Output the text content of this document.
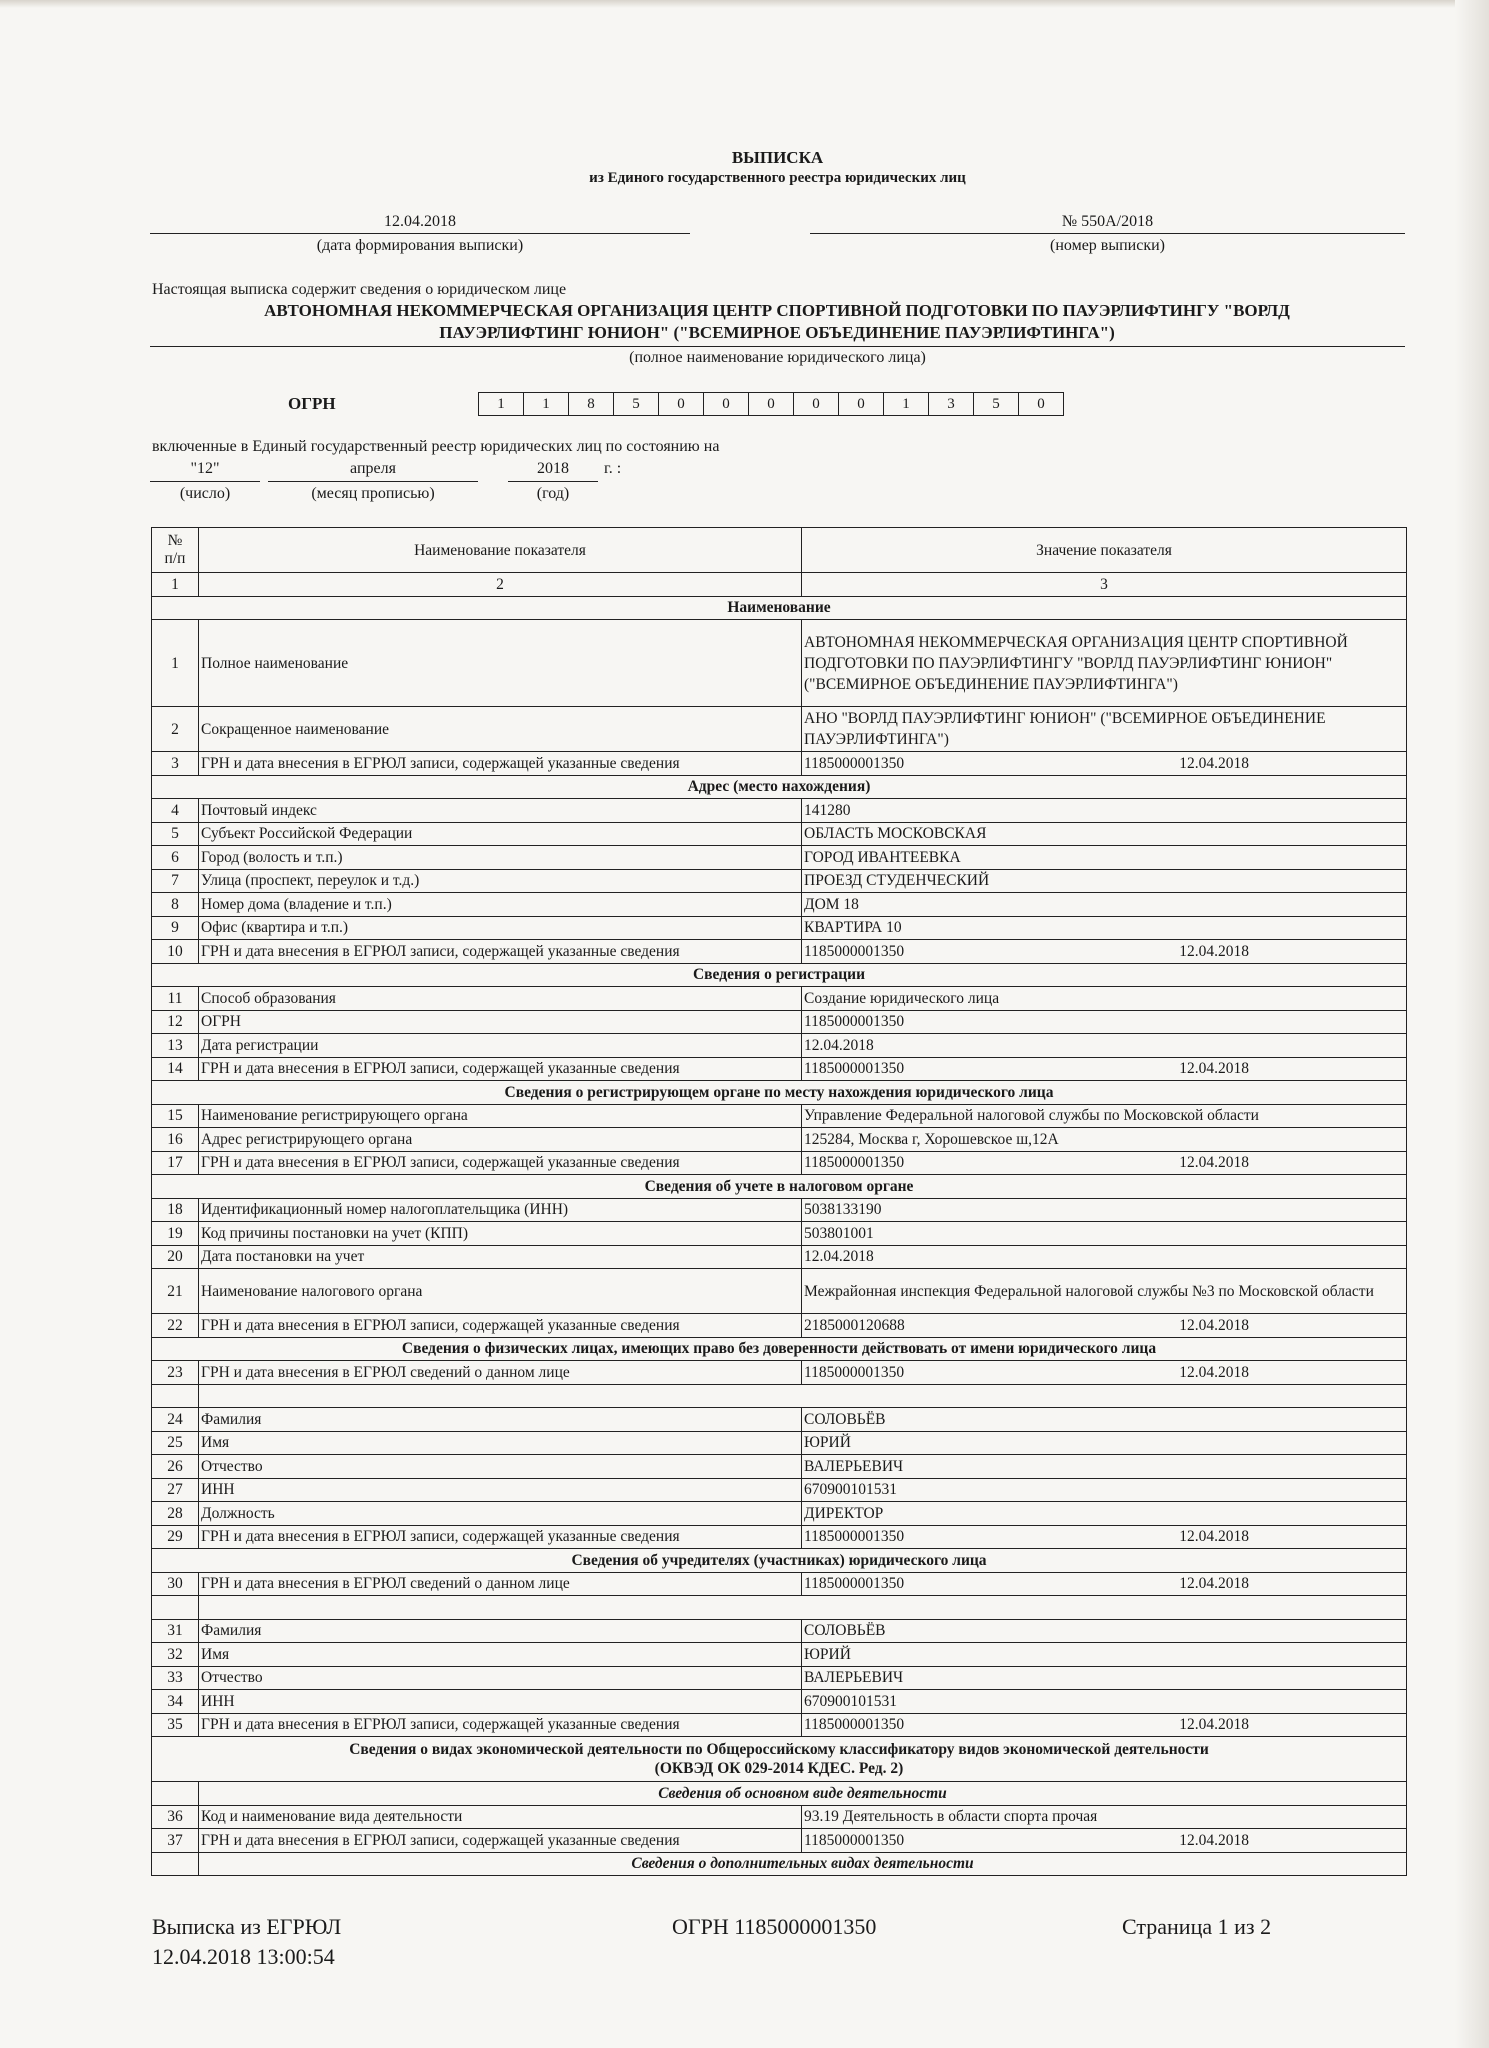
ВЫПИСКА
из Единого государственного реестра юридических лиц
12.04.2018
(дата формирования выписки)
№ 550А/2018
(номер выписки)
Настоящая выписка содержит сведения о юридическом лице
АВТОНОМНАЯ НЕКОММЕРЧЕСКАЯ ОРГАНИЗАЦИЯ ЦЕНТР СПОРТИВНОЙ ПОДГОТОВКИ ПО ПАУЭРЛИФТИНГУ "ВОРЛД
ПАУЭРЛИФТИНГ ЮНИОН" ("ВСЕМИРНОЕ ОБЪЕДИНЕНИЕ ПАУЭРЛИФТИНГА")
(полное наименование юридического лица)
ОГРН	1	1	8	5	0	0	0	0	0	1	3	5	0
включенные в Единый государственный реестр юридических лиц по состоянию на
"12"	апреля	2018	г. :
(число)	(месяц прописью)	(год)
№
п/п	Наименование показателя	Значение показателя
1	2	3
Наименование		
1	Полное наименование	АВТОНОМНАЯ НЕКОММЕРЧЕСКАЯ ОРГАНИЗАЦИЯ ЦЕНТР СПОРТИВНОЙ ПОДГОТОВКИ ПО ПАУЭРЛИФТИНГУ "ВОРЛД ПАУЭРЛИФТИНГ ЮНИОН" ("ВСЕМИРНОЕ ОБЪЕДИНЕНИЕ ПАУЭРЛИФТИНГА")
2	Сокращенное наименование	АНО "ВОРЛД ПАУЭРЛИФТИНГ ЮНИОН" ("ВСЕМИРНОЕ ОБЪЕДИНЕНИЕ ПАУЭРЛИФТИНГА")
3	ГРН и дата внесения в ЕГРЮЛ записи, содержащей указанные сведения	1185000001350 12.04.2018

Адрес (место нахождения)		
4	Почтовый индекс	141280
5	Субъект Российской Федерации	ОБЛАСТЬ МОСКОВСКАЯ
6	Город (волость и т.п.)	ГОРОД ИВАНТЕЕВКА
7	Улица (проспект, переулок и т.д.)	ПРОЕЗД СТУДЕНЧЕСКИЙ
8	Номер дома (владение и т.п.)	ДОМ 18
9	Офис (квартира и т.п.)	КВАРТИРА 10
10	ГРН и дата внесения в ЕГРЮЛ записи, содержащей указанные сведения	1185000001350 12.04.2018

Сведения о регистрации		
11	Способ образования	Создание юридического лица
12	ОГРН	1185000001350
13	Дата регистрации	12.04.2018
14	ГРН и дата внесения в ЕГРЮЛ записи, содержащей указанные сведения	1185000001350 12.04.2018

Сведения о регистрирующем органе по месту нахождения юридического лица		
15	Наименование регистрирующего органа	Управление Федеральной налоговой службы по Московской области
16	Адрес регистрирующего органа	125284, Москва г, Хорошевское ш,12А
17	ГРН и дата внесения в ЕГРЮЛ записи, содержащей указанные сведения	1185000001350 12.04.2018

Сведения об учете в налоговом органе		
18	Идентификационный номер налогоплательщика (ИНН)	5038133190
19	Код причины постановки на учет (КПП)	503801001
20	Дата постановки на учет	12.04.2018
21	Наименование налогового органа	Межрайонная инспекция Федеральной налоговой службы №3 по Московской области
22	ГРН и дата внесения в ЕГРЮЛ записи, содержащей указанные сведения	2185000120688 12.04.2018

Сведения о физических лицах, имеющих право без доверенности действовать от имени юридического лица		
23	ГРН и дата внесения в ЕГРЮЛ сведений о данном лице	1185000001350 12.04.2018

24	Фамилия	СОЛОВЬЁВ
25	Имя	ЮРИЙ
26	Отчество	ВАЛЕРЬЕВИЧ
27	ИНН	670900101531
28	Должность	ДИРЕКТОР
29	ГРН и дата внесения в ЕГРЮЛ записи, содержащей указанные сведения	1185000001350 12.04.2018

Сведения об учредителях (участниках) юридического лица		
30	ГРН и дата внесения в ЕГРЮЛ сведений о данном лице	1185000001350 12.04.2018

31	Фамилия	СОЛОВЬЁВ
32	Имя	ЮРИЙ
33	Отчество	ВАЛЕРЬЕВИЧ
34	ИНН	670900101531
35	ГРН и дата внесения в ЕГРЮЛ записи, содержащей указанные сведения	1185000001350 12.04.2018

Сведения о видах экономической деятельности по Общероссийскому классификатору видов экономической деятельности
(ОКВЭД ОК 029-2014 КДЕС. Ред. 2)		

	Сведения об основном виде деятельности	
36	Код и наименование вида деятельности	93.19 Деятельность в области спорта прочая
37	ГРН и дата внесения в ЕГРЮЛ записи, содержащей указанные сведения	1185000001350 12.04.2018

	Сведения о дополнительных видах деятельности	
Выписка из ЕГРЮЛ
12.04.2018 13:00:54
ОГРН 1185000001350	Страница 1 из 2
